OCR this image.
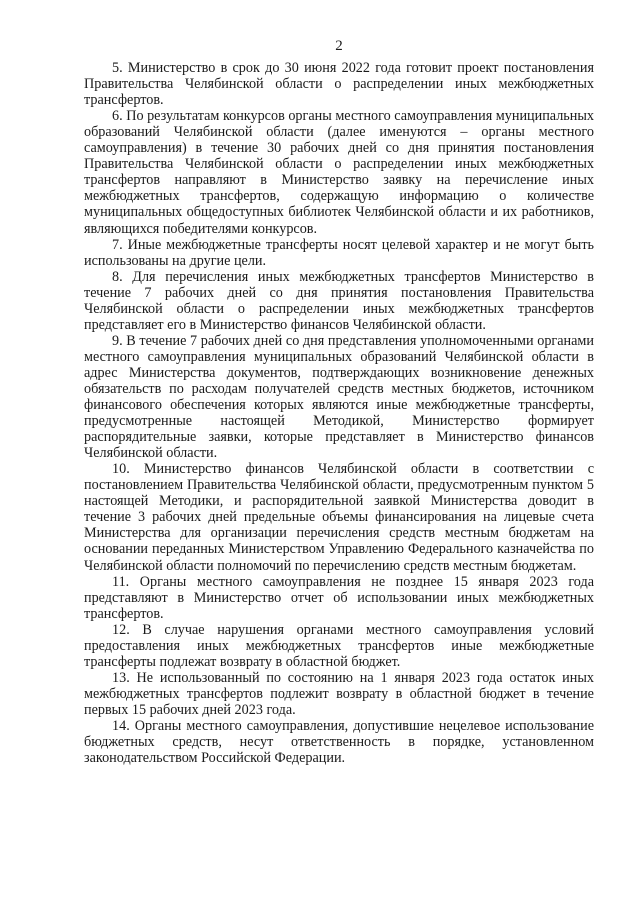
2

5. Министерство в срок до 30 июня 2022 года готовит проект постановления Правительства Челябинской области о распределении иных межбюджетных трансфертов.

6. По результатам конкурсов органы местного самоуправления муниципальных образований Челябинской области (далее именуются – органы местного самоуправления) в течение 30 рабочих дней со дня принятия постановления Правительства Челябинской области о распределении иных межбюджетных трансфертов направляют в Министерство заявку на перечисление иных межбюджетных трансфертов, содержащую информацию о количестве муниципальных общедоступных библиотек Челябинской области и их работников, являющихся победителями конкурсов.

7. Иные межбюджетные трансферты носят целевой характер и не могут быть использованы на другие цели.

8. Для перечисления иных межбюджетных трансфертов Министерство в течение 7 рабочих дней со дня принятия постановления Правительства Челябинской области о распределении иных межбюджетных трансфертов представляет его в Министерство финансов Челябинской области.

9. В течение 7 рабочих дней со дня представления уполномоченными органами местного самоуправления муниципальных образований Челябинской области в адрес Министерства документов, подтверждающих возникновение денежных обязательств по расходам получателей средств местных бюджетов, источником финансового обеспечения которых являются иные межбюджетные трансферты, предусмотренные настоящей Методикой, Министерство формирует распорядительные заявки, которые представляет в Министерство финансов Челябинской области.

10. Министерство финансов Челябинской области в соответствии с постановлением Правительства Челябинской области, предусмотренным пунктом 5 настоящей Методики, и распорядительной заявкой Министерства доводит в течение 3 рабочих дней предельные объемы финансирования на лицевые счета Министерства для организации перечисления средств местным бюджетам на основании переданных Министерством Управлению Федерального казначейства по Челябинской области полномочий по перечислению средств местным бюджетам.

11. Органы местного самоуправления не позднее 15 января 2023 года представляют в Министерство отчет об использовании иных межбюджетных трансфертов.

12. В случае нарушения органами местного самоуправления условий предоставления иных межбюджетных трансфертов иные межбюджетные трансферты подлежат возврату в областной бюджет.

13. Не использованный по состоянию на 1 января 2023 года остаток иных межбюджетных трансфертов подлежит возврату в областной бюджет в течение первых 15 рабочих дней 2023 года.

14. Органы местного самоуправления, допустившие нецелевое использование бюджетных средств, несут ответственность в порядке, установленном законодательством Российской Федерации.
